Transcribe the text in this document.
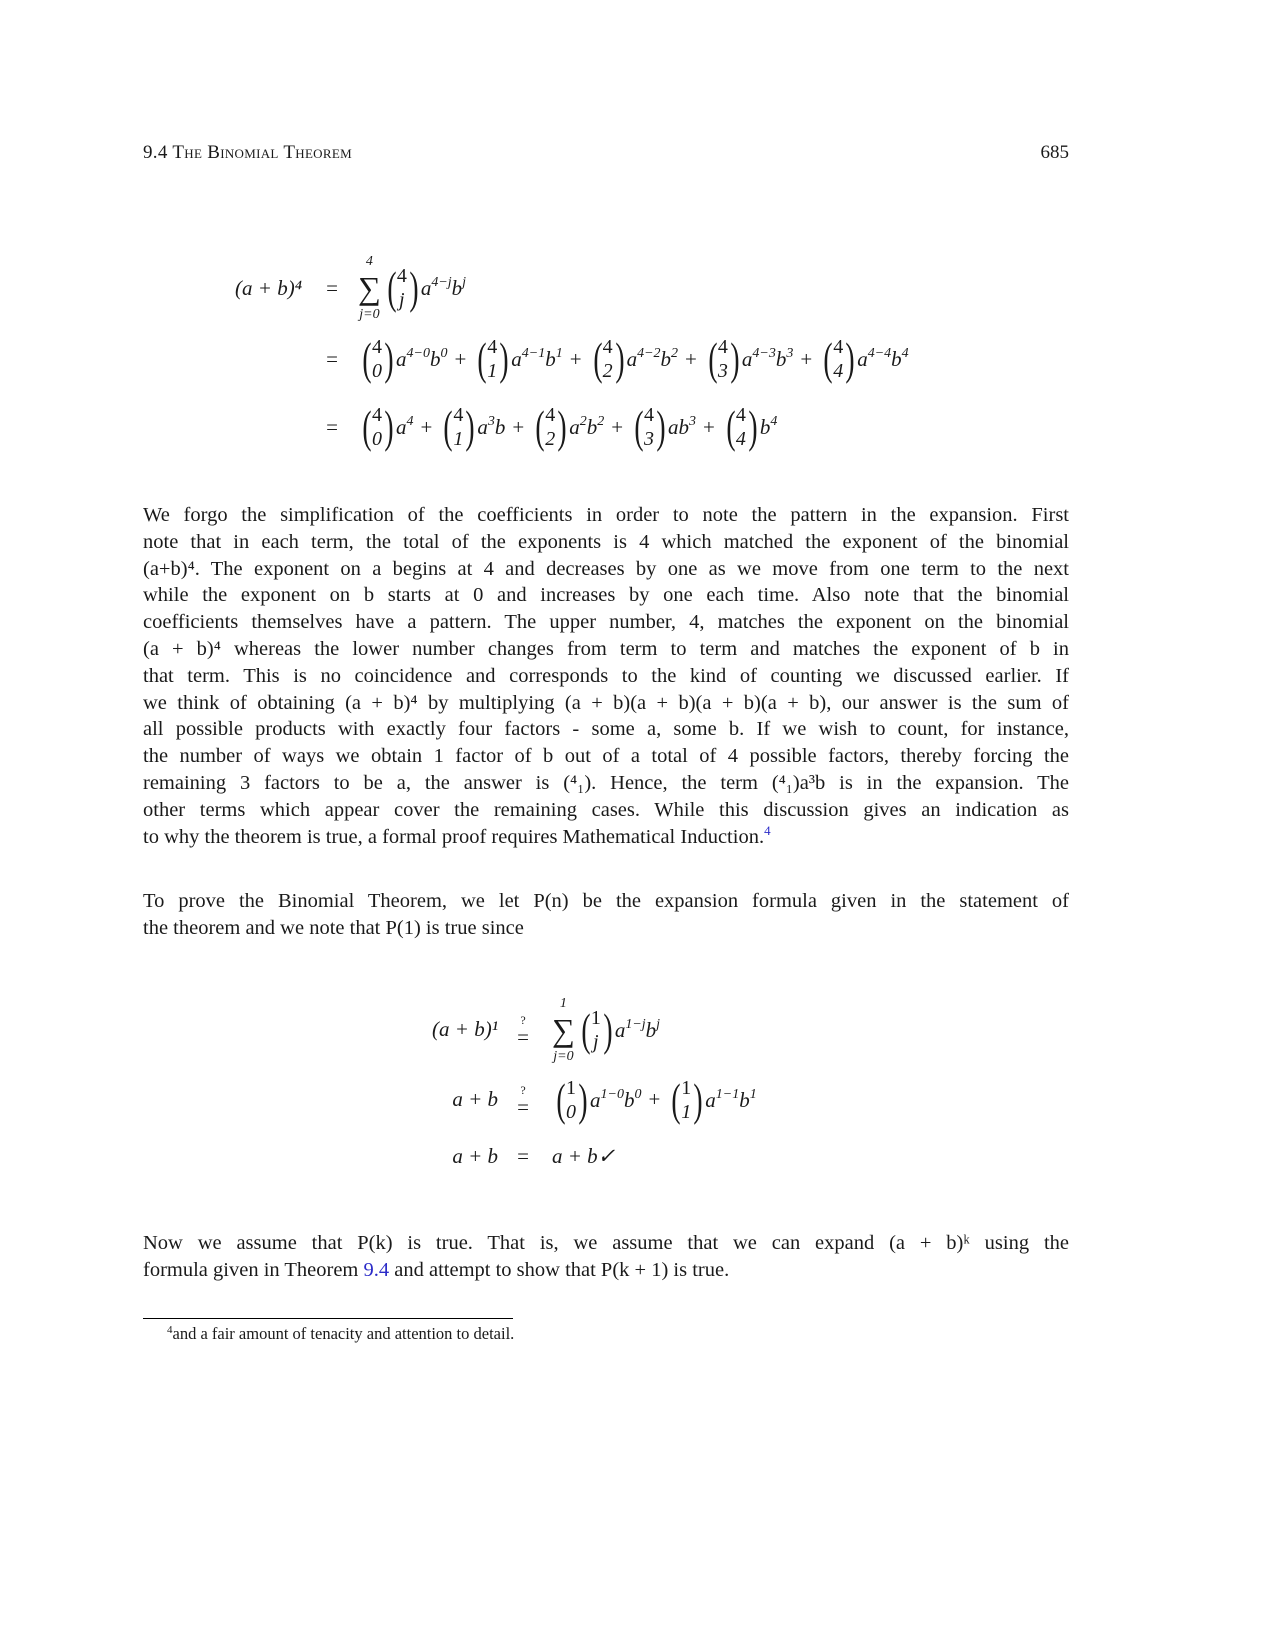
9.4 The Binomial Theorem	685
(a + b)⁴	=
4
∑
j=0
( 4
j ) $a^{4-j}b^j$
= ( 4
0 ) $a^{4-0}b^0$ + ( 4
1 ) $a^{4-1}b^1$ + ( 4
2 ) $a^{4-2}b^2$ + ( 4
3 ) $a^{4-3}b^3$ + ( 4
4 ) $a^{4-4}b^4$
= ( 4
0 ) $a^4$ + ( 4
1 ) $a^3b$ + ( 4
2 ) $a^2b^2$ + ( 4
3 ) $ab^3$ + ( 4
4 ) $b^4$
We forgo the simplification of the coefficients in order to note the pattern in the expansion. First
note that in each term, the total of the exponents is 4 which matched the exponent of the binomial
(a+b)⁴. The exponent on a begins at 4 and decreases by one as we move from one term to the next
while the exponent on b starts at 0 and increases by one each time. Also note that the binomial
coefficients themselves have a pattern. The upper number, 4, matches the exponent on the binomial
(a + b)⁴ whereas the lower number changes from term to term and matches the exponent of b in
that term. This is no coincidence and corresponds to the kind of counting we discussed earlier. If
we think of obtaining (a + b)⁴ by multiplying (a + b)(a + b)(a + b)(a + b), our answer is the sum of
all possible products with exactly four factors - some a, some b. If we wish to count, for instance,
the number of ways we obtain 1 factor of b out of a total of 4 possible factors, thereby forcing the
remaining 3 factors to be a, the answer is (⁴₁). Hence, the term (⁴₁)a³b is in the expansion. The
other terms which appear cover the remaining cases. While this discussion gives an indication as
to why the theorem is true, a formal proof requires Mathematical Induction.$^4$
To prove the Binomial Theorem, we let P(n) be the expansion formula given in the statement of
the theorem and we note that P(1) is true since
(a + b)¹ ?
=
1
∑
j=0
( 1
j ) $a^{1-j}b^j$
a + b ?
= ( 1
0 ) $a^{1-0}b^0$ + ( 1
1 ) $a^{1-1}b^1$
a + b =	a + b✓
Now we assume that P(k) is true. That is, we assume that we can expand (a + b)ᵏ using the
formula given in Theorem 9.4 and attempt to show that P(k + 1) is true.
$^4$and a fair amount of tenacity and attention to detail.
